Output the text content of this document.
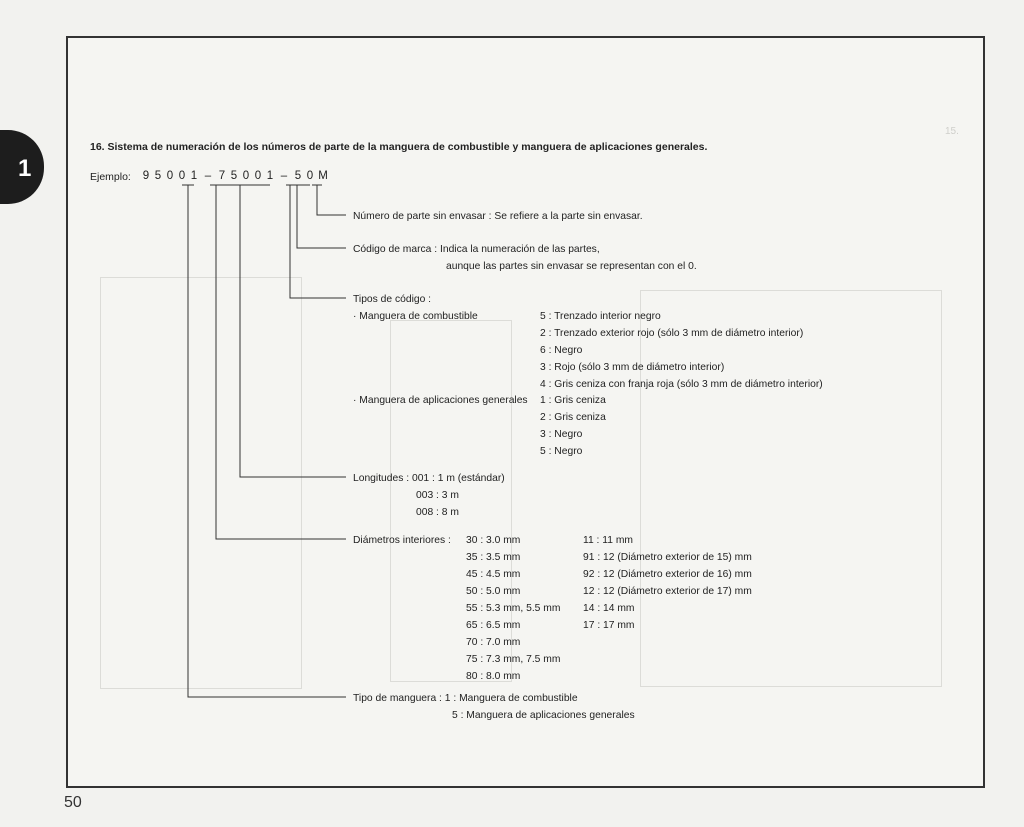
1
15.
16. Sistema de numeración de los números de parte de la manguera de combustible y manguera de aplicaciones generales.
Ejemplo: 9 5 0 0 1 – 7 5 0 0 1 – 5 0 M
Número de parte sin envasar : Se refiere a la parte sin envasar.
Código de marca : Indica la numeración de las partes,
aunque las partes sin envasar se representan con el 0.
Tipos de código :
· Manguera de combustible	5 : Trenzado interior negro
2 : Trenzado exterior rojo (sólo 3 mm de diámetro interior)
6 : Negro
3 : Rojo (sólo 3 mm de diámetro interior)
4 : Gris ceniza con franja roja (sólo 3 mm de diámetro interior)
· Manguera de aplicaciones generales 1 : Gris ceniza
2 : Gris ceniza
3 : Negro
5 : Negro
Longitudes : 001 : 1 m (estándar)
003 : 3 m
008 : 8 m
Diámetros interiores : 30 : 3.0 mm
35 : 3.5 mm
45 : 4.5 mm
50 : 5.0 mm
55 : 5.3 mm, 5.5 mm
65 : 6.5 mm
70 : 7.0 mm
75 : 7.3 mm, 7.5 mm
80 : 8.0 mm
11 : 11 mm
91 : 12 (Diámetro exterior de 15) mm
92 : 12 (Diámetro exterior de 16) mm
12 : 12 (Diámetro exterior de 17) mm
14 : 14 mm
17 : 17 mm
Tipo de manguera : 1 : Manguera de combustible
5 : Manguera de aplicaciones generales
50
